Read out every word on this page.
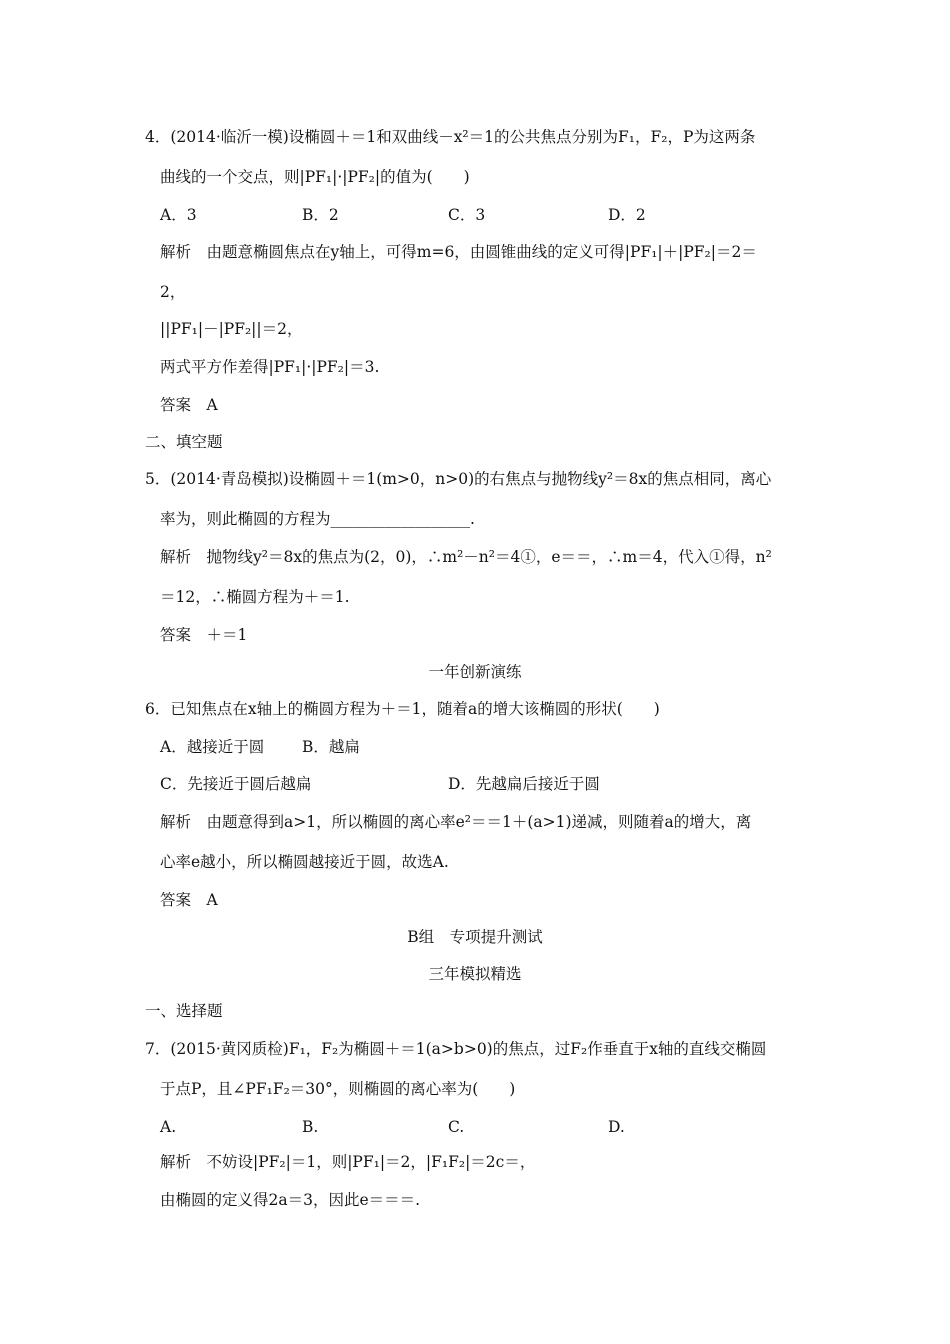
4．(2014·临沂一模)设椭圆＋＝1和双曲线－x²＝1的公共焦点分别为F₁，F₂，P为这两条
曲线的一个交点，则|PF₁|·|PF₂|的值为(　　)
A．3	B．2	C．3	D．2
解析　由题意椭圆焦点在y轴上，可得m=6，由圆锥曲线的定义可得|PF₁|＋|PF₂|＝2＝
2，
||PF₁|－|PF₂||＝2，
两式平方作差得|PF₁|·|PF₂|＝3.
答案　A
二、填空题
5．(2014·青岛模拟)设椭圆＋＝1(m>0，n>0)的右焦点与抛物线y²＝8x的焦点相同，离心
率为，则此椭圆的方程为__________________.
解析　抛物线y²＝8x的焦点为(2，0)，∴m²－n²＝4①，e＝＝，∴m＝4，代入①得，n²
＝12，∴椭圆方程为＋＝1.
答案　＋＝1
一年创新演练
6．已知焦点在x轴上的椭圆方程为＋＝1，随着a的增大该椭圆的形状(　　)
A．越接近于圆 B．越扁
C．先接近于圆后越扁	D．先越扁后接近于圆
解析　由题意得到a>1，所以椭圆的离心率e²＝＝1＋(a>1)递减，则随着a的增大，离
心率e越小，所以椭圆越接近于圆，故选A.
答案　A
B组　专项提升测试
三年模拟精选
一、选择题
7．(2015·黄冈质检)F₁，F₂为椭圆＋＝1(a>b>0)的焦点，过F₂作垂直于x轴的直线交椭圆
于点P，且∠PF₁F₂＝30°，则椭圆的离心率为(　　)
A.	B.	C.	D.
解析　不妨设|PF₂|＝1，则|PF₁|＝2，|F₁F₂|＝2c＝，
由椭圆的定义得2a＝3，因此e＝＝＝.
